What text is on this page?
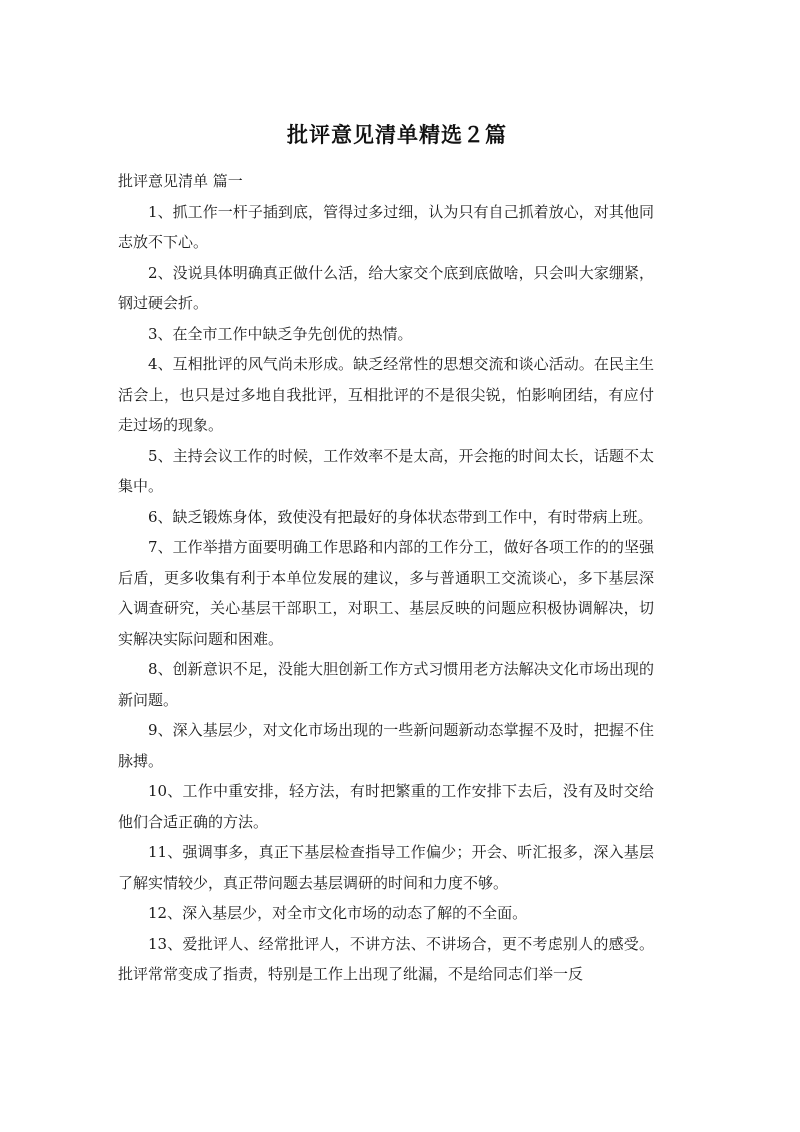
批评意见清单精选２篇

批评意见清单 篇一

1、抓工作一杆子插到底，管得过多过细，认为只有自己抓着放心，对其他同志放不下心。

2、没说具体明确真正做什么活，给大家交个底到底做啥，只会叫大家绷紧，钢过硬会折。

3、在全市工作中缺乏争先创优的热情。

4、互相批评的风气尚未形成。缺乏经常性的思想交流和谈心活动。在民主生活会上，也只是过多地自我批评，互相批评的不是很尖锐，怕影响团结，有应付走过场的现象。

5、主持会议工作的时候，工作效率不是太高，开会拖的时间太长，话题不太集中。

6、缺乏锻炼身体，致使没有把最好的身体状态带到工作中，有时带病上班。

7、工作举措方面要明确工作思路和内部的工作分工，做好各项工作的的坚强后盾，更多收集有利于本单位发展的建议，多与普通职工交流谈心，多下基层深入调查研究，关心基层干部职工，对职工、基层反映的问题应积极协调解决，切实解决实际问题和困难。

8、创新意识不足，没能大胆创新工作方式习惯用老方法解决文化市场出现的新问题。

9、深入基层少，对文化市场出现的一些新问题新动态掌握不及时，把握不住脉搏。

10、工作中重安排，轻方法，有时把繁重的工作安排下去后，没有及时交给他们合适正确的方法。

11、强调事多，真正下基层检查指导工作偏少；开会、听汇报多，深入基层了解实情较少，真正带问题去基层调研的时间和力度不够。

12、深入基层少，对全市文化市场的动态了解的不全面。

13、爱批评人、经常批评人，不讲方法、不讲场合，更不考虑别人的感受。批评常常变成了指责，特别是工作上出现了纰漏，不是给同志们举一反
